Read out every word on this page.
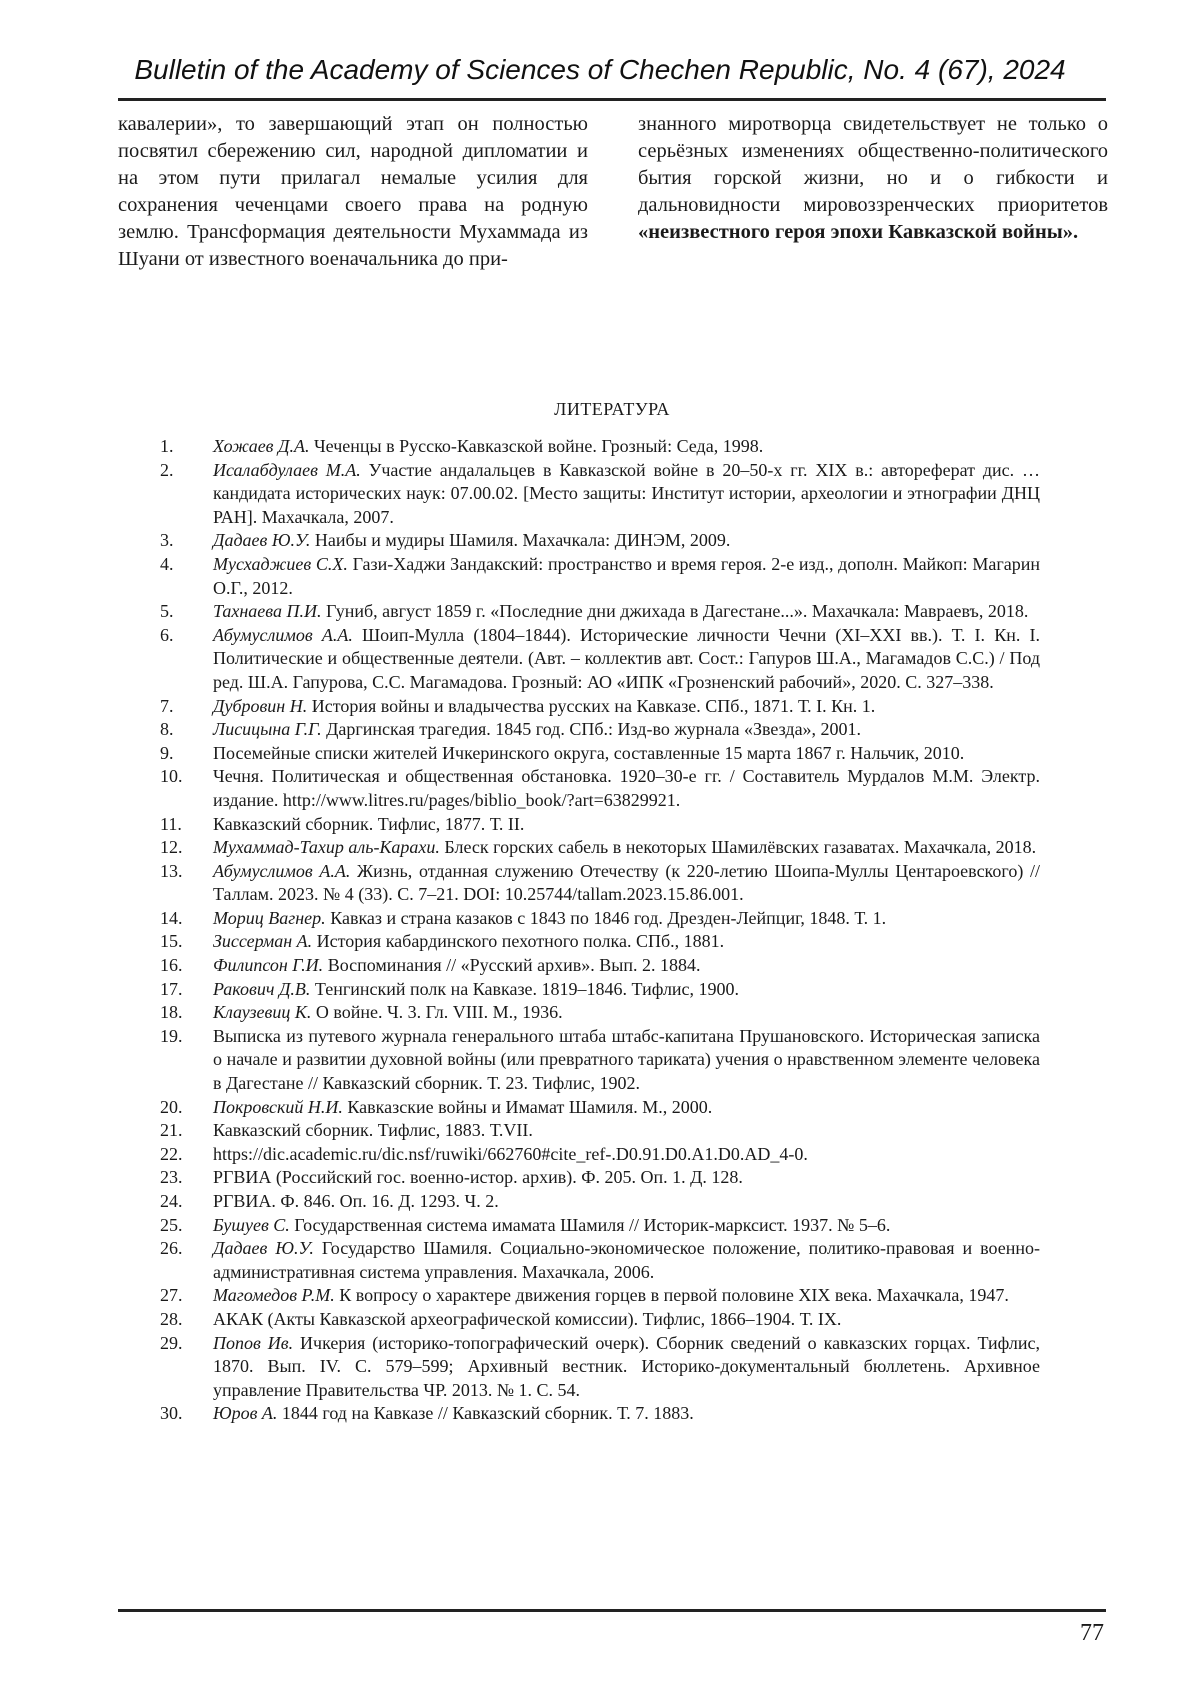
Bulletin of the Academy of Sciences of Chechen Republic, No. 4 (67), 2024
кавалерии», то завершающий этап он полностью посвятил сбережению сил, народной дипломатии и на этом пути прилагал немалые усилия для сохранения чеченцами своего права на родную землю. Трансформация деятельности Мухаммада из Шуани от известного военачальника до при-
знанного миротворца свидетельствует не только о серьёзных изменениях общественно-политического бытия горской жизни, но и о гибкости и дальновидности мировоззренческих приоритетов «неизвестного героя эпохи Кавказской войны».
ЛИТЕРАТУРА
1.	Хожаев Д.А. Чеченцы в Русско-Кавказской войне. Грозный: Седа, 1998.
2.	Исалабдулаев М.А. Участие андалальцев в Кавказской войне в 20–50-х гг. XIX в.: автореферат дис. …кандидата исторических наук: 07.00.02. [Место защиты: Институт истории, археологии и этнографии ДНЦ РАН]. Махачкала, 2007.
3.	Дадаев Ю.У. Наибы и мудиры Шамиля. Махачкала: ДИНЭМ, 2009.
4.	Мусхаджиев С.Х. Гази-Хаджи Зандакский: пространство и время героя. 2-е изд., дополн. Майкоп: Магарин О.Г., 2012.
5.	Тахнаева П.И. Гуниб, август 1859 г. «Последние дни джихада в Дагестане...». Махачкала: Мавраевъ, 2018.
6.	Абумуслимов А.А. Шоип-Мулла (1804–1844). Исторические личности Чечни (XI–XXI вв.). Т. I. Кн. I. Политические и общественные деятели. (Авт. – коллектив авт. Сост.: Гапуров Ш.А., Магамадов С.С.) / Под ред. Ш.А. Гапурова, С.С. Магамадова. Грозный: АО «ИПК «Грозненский рабочий», 2020. С. 327–338.
7.	Дубровин Н. История войны и владычества русских на Кавказе. СПб., 1871. Т. I. Кн. 1.
8.	Лисицына Г.Г. Даргинская трагедия. 1845 год. СПб.: Изд-во журнала «Звезда», 2001.
9.	Посемейные списки жителей Ичкеринского округа, составленные 15 марта 1867 г. Нальчик, 2010.
10.	Чечня. Политическая и общественная обстановка. 1920–30-е гг. / Составитель Мурдалов М.М. Электр. издание. http://www.litres.ru/pages/biblio_book/?art=63829921.
11.	Кавказский сборник. Тифлис, 1877. Т. II.
12.	Мухаммад-Тахир аль-Карахи. Блеск горских сабель в некоторых Шамилёвских газаватах. Махачкала, 2018.
13.	Абумуслимов А.А. Жизнь, отданная служению Отечеству (к 220-летию Шоипа-Муллы Центароевского) // Таллам. 2023. № 4 (33). С. 7–21. DOI: 10.25744/tallam.2023.15.86.001.
14.	Мориц Вагнер. Кавказ и страна казаков с 1843 по 1846 год. Дрезден-Лейпциг, 1848. Т. 1.
15.	Зиссерман А. История кабардинского пехотного полка. СПб., 1881.
16.	Филипсон Г.И. Воспоминания // «Русский архив». Вып. 2. 1884.
17.	Ракович Д.В. Тенгинский полк на Кавказе. 1819–1846. Тифлис, 1900.
18.	Клаузевиц К. О войне. Ч. 3. Гл. VIII. М., 1936.
19.	Выписка из путевого журнала генерального штаба штабс-капитана Прушановского. Историческая записка о начале и развитии духовной войны (или превратного тариката) учения о нравственном элементе человека в Дагестане // Кавказский сборник. Т. 23. Тифлис, 1902.
20.	Покровский Н.И. Кавказские войны и Имамат Шамиля. М., 2000.
21.	Кавказский сборник. Тифлис, 1883. Т.VII.
22.	https://dic.academic.ru/dic.nsf/ruwiki/662760#cite_ref-.D0.91.D0.A1.D0.AD_4-0.
23.	РГВИА (Российский гос. военно-истор. архив). Ф. 205. Оп. 1. Д. 128.
24.	РГВИА. Ф. 846. Оп. 16. Д. 1293. Ч. 2.
25.	Бушуев С. Государственная система имамата Шамиля // Историк-марксист. 1937. № 5–6.
26.	Дадаев Ю.У. Государство Шамиля. Социально-экономическое положение, политико-правовая и военно-административная система управления. Махачкала, 2006.
27.	Магомедов Р.М. К вопросу о характере движения горцев в первой половине XIX века. Махачкала, 1947.
28.	АКАК (Акты Кавказской археографической комиссии). Тифлис, 1866–1904. Т. IX.
29.	Попов Ив. Ичкерия (историко-топографический очерк). Сборник сведений о кавказских горцах. Тифлис, 1870. Вып. IV. С. 579–599; Архивный вестник. Историко-документальный бюллетень. Архивное управление Правительства ЧР. 2013. № 1. С. 54.
30.	Юров А. 1844 год на Кавказе // Кавказский сборник. Т. 7. 1883.
77
